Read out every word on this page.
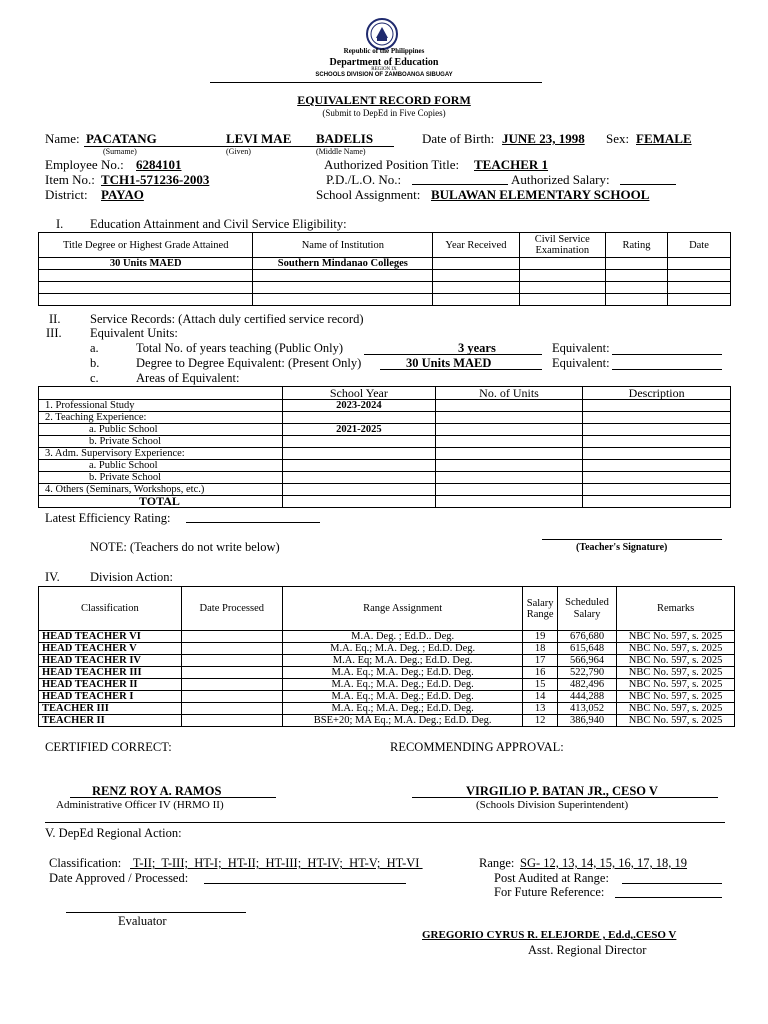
Republic of the Philippines
Department of Education
REGION IX
SCHOOLS DIVISION OF ZAMBOANGA SIBUGAY
EQUIVALENT RECORD FORM
(Submit to DepEd in Five Copies)
Name: PACATANG	LEVI MAE BADELIS
(Surname)	(Given)	(Middle Name)
Date of Birth: JUNE 23, 1998 Sex: FEMALE
Employee No.: 6284101	Authorized Position Title: TEACHER 1
Item No.: TCH1-571236-2003	P.D./L.O. No.:	Authorized Salary:
District: PAYAO	School Assignment: BULAWAN ELEMENTARY SCHOOL
I. Education Attainment and Civil Service Eligibility:
Title Degree or Highest Grade Attained	Name of Institution	Year Received	Civil Service Examination	Rating	Date
30 Units MAED	Southern Mindanao Colleges				

II. Service Records: (Attach duly certified service record)
III. Equivalent Units:
a.	Total No. of years teaching (Public Only)	3 years	Equivalent:
b.	Degree to Degree Equivalent: (Present Only)	30 Units MAED	Equivalent:
c.	Areas of Equivalent:
	School Year	No. of Units	Description
1. Professional Study	2023-2024		
2. Teaching Experience:			
a. Public School	2021-2025		
b. Private School			
3. Adm. Supervisory Experience:			
a. Public School			
b. Private School			
4. Others (Seminars, Workshops, etc.)			
TOTAL			
Latest Efficiency Rating:
NOTE: (Teachers do not write below)	(Teacher's Signature)
IV. Division Action:
Classification	Date Processed	Range Assignment	Salary Range	Scheduled Salary	Remarks
HEAD TEACHER VI		M.A. Deg. ; Ed.D.. Deg.	19	676,680	NBC No. 597, s. 2025
HEAD TEACHER V		M.A. Eq.; M.A. Deg. ; Ed.D. Deg.	18	615,648	NBC No. 597, s. 2025
HEAD TEACHER IV		M.A. Eq; M.A. Deg.; Ed.D. Deg.	17	566,964	NBC No. 597, s. 2025
HEAD TEACHER III		M.A. Eq.; M.A. Deg.; Ed.D. Deg.	16	522,790	NBC No. 597, s. 2025
HEAD TEACHER II		M.A. Eq.; M.A. Deg.; Ed.D. Deg.	15	482,496	NBC No. 597, s. 2025
HEAD TEACHER I		M.A. Eq.; M.A. Deg.; Ed.D. Deg.	14	444,288	NBC No. 597, s. 2025
TEACHER III		M.A. Eq.; M.A. Deg.; Ed.D. Deg.	13	413,052	NBC No. 597, s. 2025
TEACHER II		BSE+20; MA Eq.; M.A. Deg.; Ed.D. Deg.	12	386,940	NBC No. 597, s. 2025
CERTIFIED CORRECT:	RECOMMENDING APPROVAL:
RENZ ROY A. RAMOS
Administrative Officer IV (HRMO II)
VIRGILIO P. BATAN JR., CESO V
(Schools Division Superintendent)
V. DepEd Regional Action:
Classification: T-II;  T-III;  HT-I;  HT-II;  HT-III;  HT-IV;  HT-V;  HT-VI	Range: SG- 12, 13, 14, 15, 16, 17, 18, 19
Date Approved / Processed:	Post Audited at Range:
For Future Reference:
Evaluator
GREGORIO CYRUS R. ELEJORDE , Ed.d,.CESO V
Asst. Regional Director
